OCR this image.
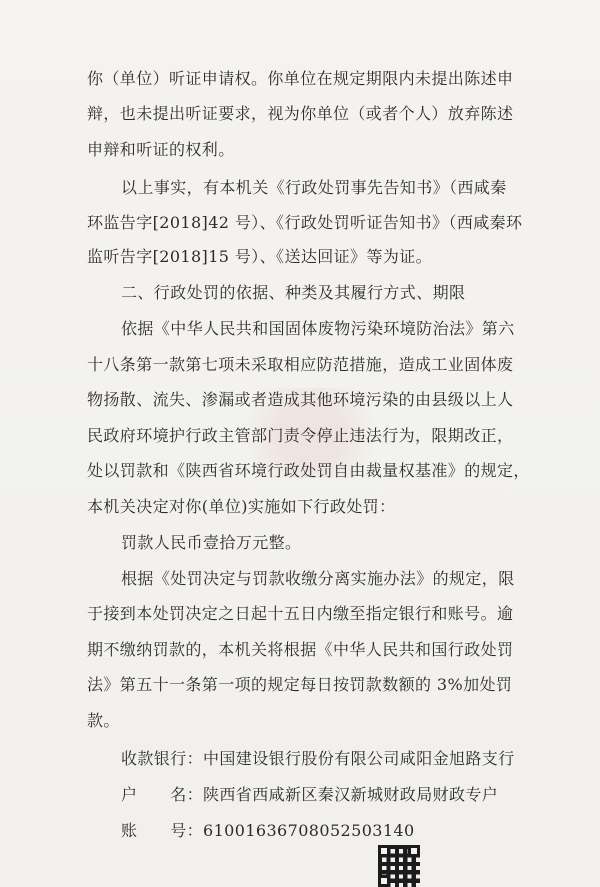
你（单位）听证申请权。你单位在规定期限内未提出陈述申
辩，也未提出听证要求，视为你单位（或者个人）放弃陈述
申辩和听证的权利。
以上事实，有本机关《行政处罚事先告知书》（西咸秦
环监告字[2018]42 号）、《行政处罚听证告知书》（西咸秦环
监听告字[2018]15 号）、《送达回证》等为证。
二、行政处罚的依据、种类及其履行方式、期限
依据《中华人民共和国固体废物污染环境防治法》第六
十八条第一款第七项未采取相应防范措施，造成工业固体废
物扬散、流失、渗漏或者造成其他环境污染的由县级以上人
民政府环境护行政主管部门责令停止违法行为，限期改正，
处以罚款和《陕西省环境行政处罚自由裁量权基准》的规定，
本机关决定对你(单位)实施如下行政处罚：
罚款人民币壹拾万元整。
根据《处罚决定与罚款收缴分离实施办法》的规定，限
于接到本处罚决定之日起十五日内缴至指定银行和账号。逾
期不缴纳罚款的，本机关将根据《中华人民共和国行政处罚
法》第五十一条第一项的规定每日按罚款数额的 3%加处罚
款。
收款银行：中国建设银行股份有限公司咸阳金旭路支行
户　　名：陕西省西咸新区秦汉新城财政局财政专户
账　　号：61001636708052503140
